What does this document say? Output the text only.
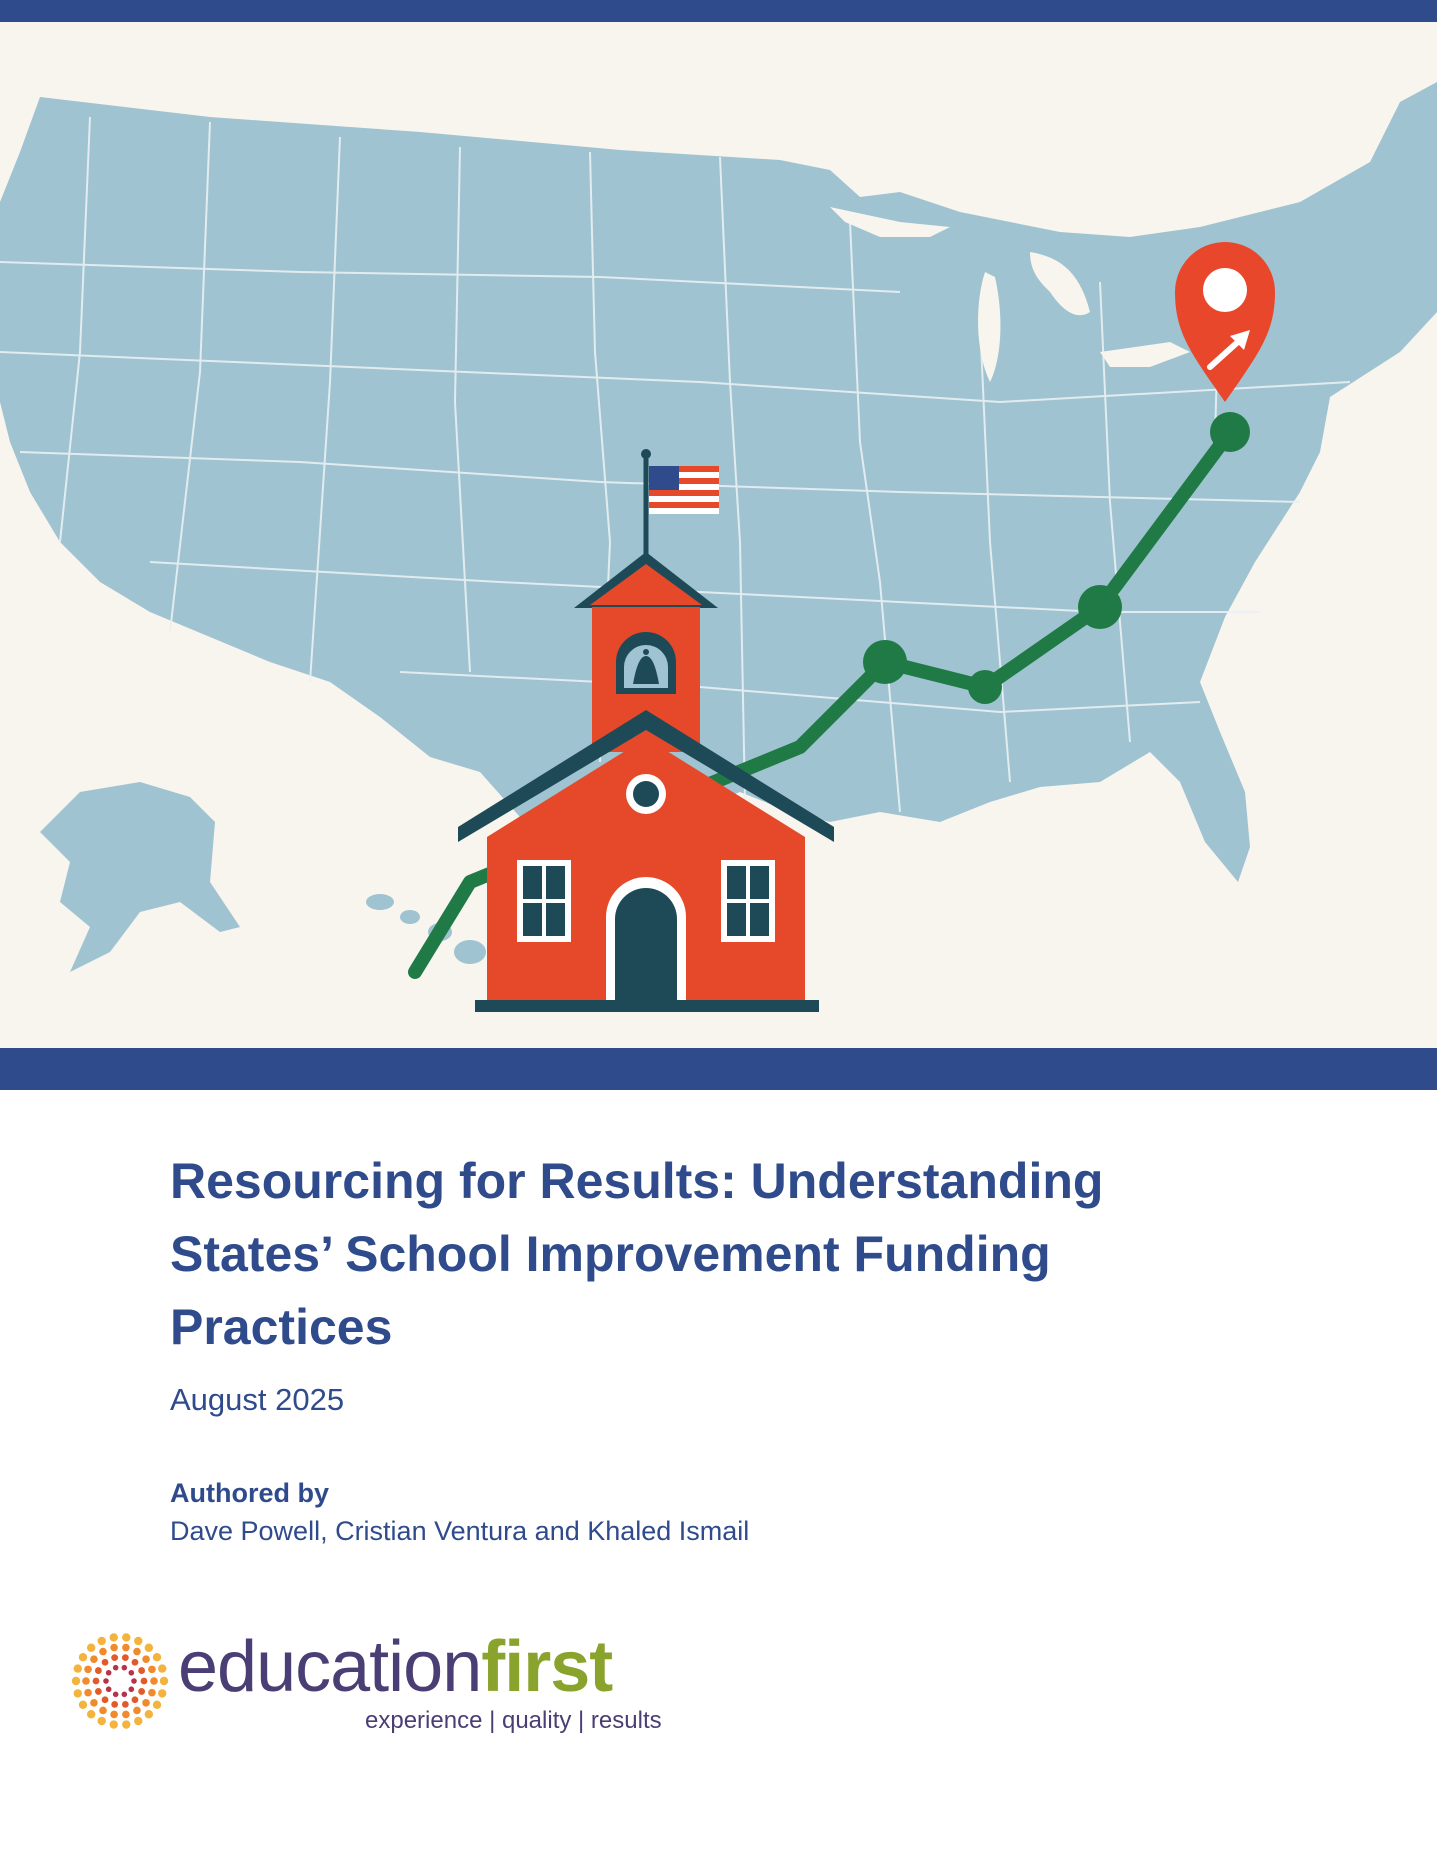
Resourcing for Results: Understanding
States’ School Improvement Funding
Practices
August 2025
Authored by
Dave Powell, Cristian Ventura and Khaled Ismail
educationfirst
experience | quality | results
